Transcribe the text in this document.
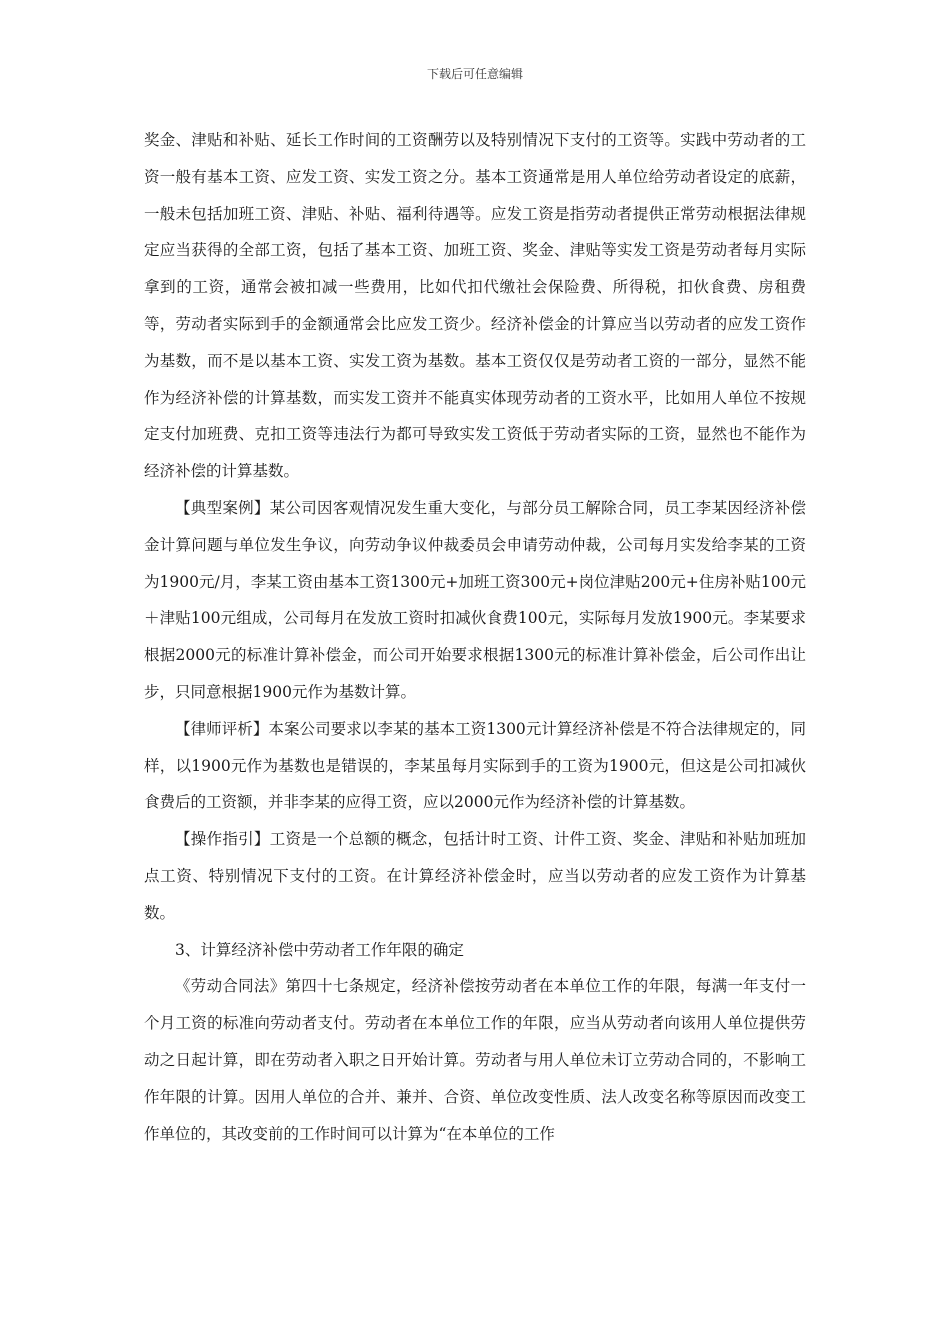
下载后可任意编辑

奖金、津贴和补贴、延长工作时间的工资酬劳以及特别情况下支付的工资等。实践中劳动者的工资一般有基本工资、应发工资、实发工资之分。基本工资通常是用人单位给劳动者设定的底薪，一般未包括加班工资、津贴、补贴、福利待遇等。应发工资是指劳动者提供正常劳动根据法律规定应当获得的全部工资，包括了基本工资、加班工资、奖金、津贴等实发工资是劳动者每月实际拿到的工资，通常会被扣减一些费用，比如代扣代缴社会保险费、所得税，扣伙食费、房租费等，劳动者实际到手的金额通常会比应发工资少。经济补偿金的计算应当以劳动者的应发工资作为基数，而不是以基本工资、实发工资为基数。基本工资仅仅是劳动者工资的一部分，显然不能作为经济补偿的计算基数，而实发工资并不能真实体现劳动者的工资水平，比如用人单位不按规定支付加班费、克扣工资等违法行为都可导致实发工资低于劳动者实际的工资，显然也不能作为经济补偿的计算基数。

【典型案例】某公司因客观情况发生重大变化，与部分员工解除合同，员工李某因经济补偿金计算问题与单位发生争议，向劳动争议仲裁委员会申请劳动仲裁，公司每月实发给李某的工资为1900元/月，李某工资由基本工资1300元+加班工资300元+岗位津贴200元+住房补贴100元＋津贴100元组成，公司每月在发放工资时扣减伙食费100元，实际每月发放1900元。李某要求根据2000元的标准计算补偿金，而公司开始要求根据1300元的标准计算补偿金，后公司作出让步，只同意根据1900元作为基数计算。

【律师评析】本案公司要求以李某的基本工资1300元计算经济补偿是不符合法律规定的，同样，以1900元作为基数也是错误的，李某虽每月实际到手的工资为1900元，但这是公司扣减伙食费后的工资额，并非李某的应得工资，应以2000元作为经济补偿的计算基数。

【操作指引】工资是一个总额的概念，包括计时工资、计件工资、奖金、津贴和补贴加班加点工资、特别情况下支付的工资。在计算经济补偿金时，应当以劳动者的应发工资作为计算基数。

3、计算经济补偿中劳动者工作年限的确定

《劳动合同法》第四十七条规定，经济补偿按劳动者在本单位工作的年限，每满一年支付一个月工资的标准向劳动者支付。劳动者在本单位工作的年限，应当从劳动者向该用人单位提供劳动之日起计算，即在劳动者入职之日开始计算。劳动者与用人单位未订立劳动合同的，不影响工作年限的计算。因用人单位的合并、兼并、合资、单位改变性质、法人改变名称等原因而改变工作单位的，其改变前的工作时间可以计算为“在本单位的工作
